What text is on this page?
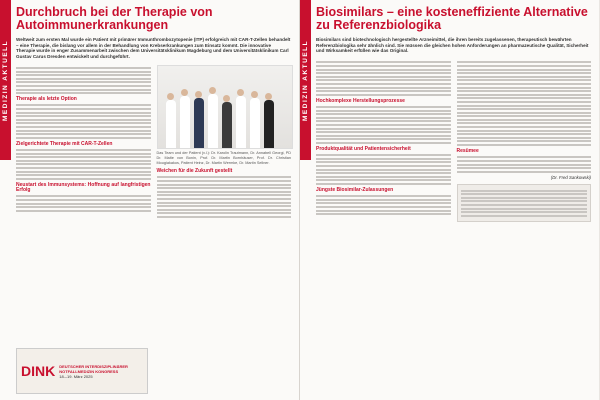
MEDIZIN AKTUELL
Durchbruch bei der Therapie von Autoimmunerkrankungen
Weltweit zum ersten Mal wurde ein Patient mit primärer Immunthrombozytopenie (ITP) erfolgreich mit CAR-T-Zellen behandelt – eine Therapie, die bislang vor allem in der Behandlung von Krebserkrankungen zum Einsatz kommt. Die innovative Therapie wurde in enger Zusammenarbeit zwischen dem Universitätsklinikum Magdeburg und dem Universitätsklinikum Carl Gustav Carus Dresden entwickelt und durchgeführt.
Therapie als letzte Option
Zielgerichtete Therapie mit CAR-T-Zellen
Neustart des Immunsystems: Hoffnung auf langfristigen Erfolg
Das Team und der Patient (v.l.): Dr. Karolin Trautmann, Dr. Annabell Georgi, PD Dr. Malte von Bonin, Prof. Dr. Martin Bornhäuser, Prof. Dr. Christian Mougiakakos, Patient Heinz, Dr. Martin Wermke, Dr. Martin Sellner.
Weichen für die Zukunft gestellt
DINK DEUTSCHER INTERDISZIPLINÄRER NOTFALLMEDIZIN KONGRESS
18.–19. März 2025
MEDIZIN AKTUELL
Biosimilars – eine kosteneffiziente Alternative zu Referenzbiologika
Biosimilars sind biotechnologisch hergestellte Arzneimittel, die ihren bereits zugelassenen, therapeutisch bewährten Referenzbiologika sehr ähnlich sind. Sie müssen die gleichen hohen Anforderungen an pharmazeutische Qualität, Sicherheit und Wirksamkeit erfüllen wie das Original.
Hochkomplexe Herstellungsprozesse
Produktqualität und Patientensicherheit
Jüngste Biosimilar-Zulassungen
Resümee
(Dr. Fred Sankowski)
